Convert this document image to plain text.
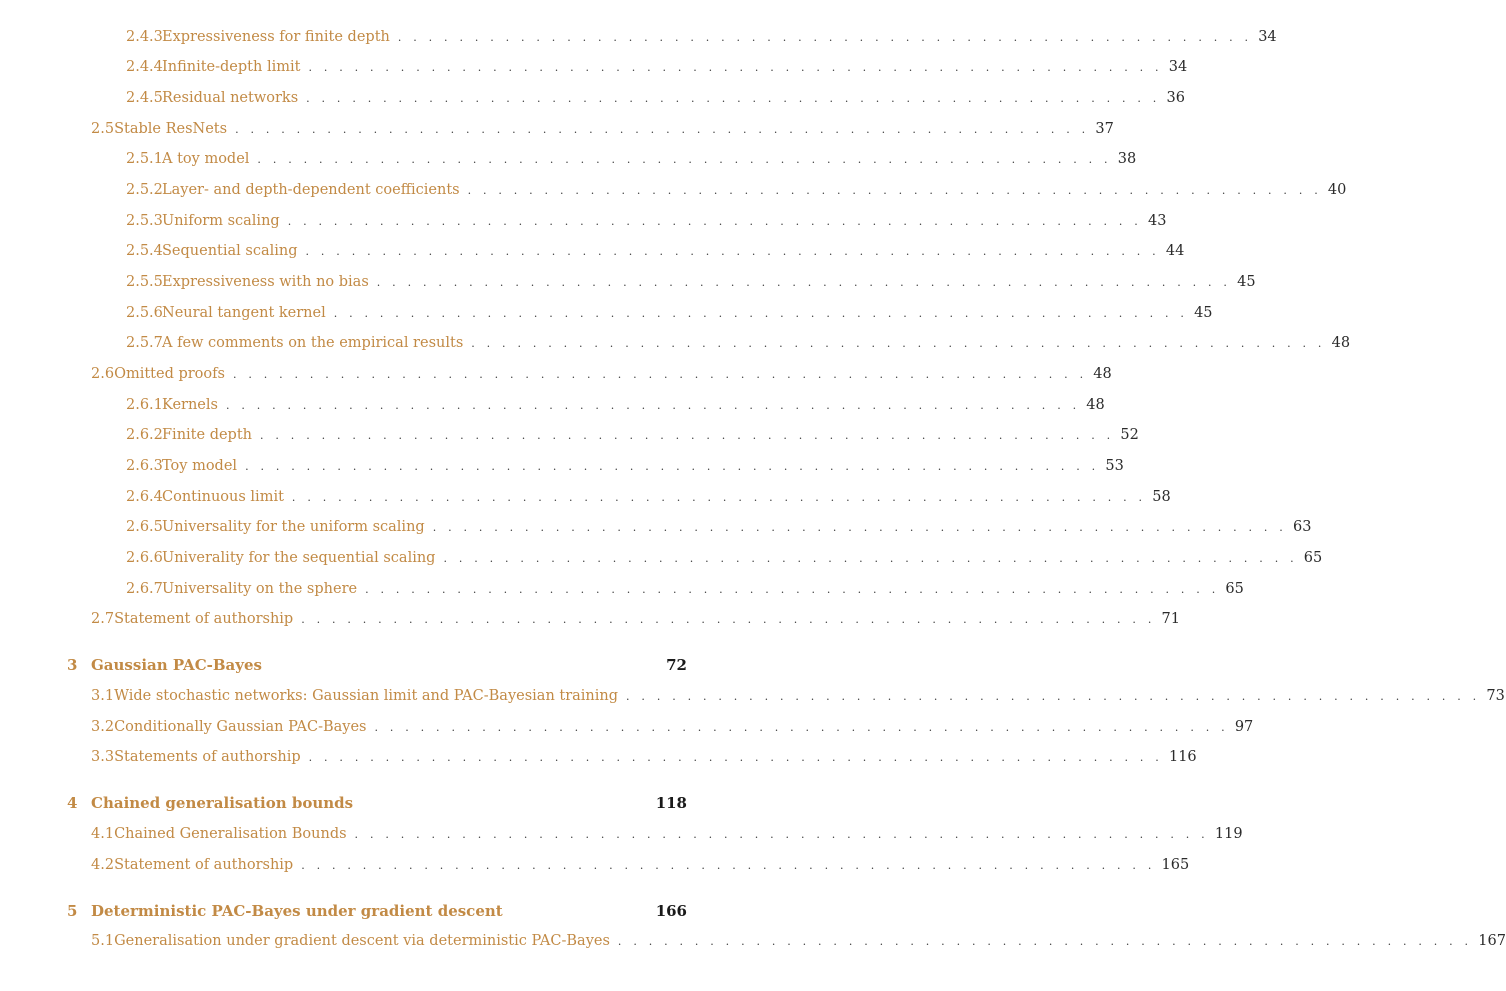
2.4.3 Expressiveness for finite depth . . . . . . . . . . . . . . . . . . . . . . . . . . . . . . . . . . . . . . . . . . . . . . . . . . . . . . . . 34
2.4.4 Infinite-depth limit . . . . . . . . . . . . . . . . . . . . . . . . . . . . . . . . . . . . . . . . . . . . . . . . . . . . . . . . 34
2.4.5 Residual networks . . . . . . . . . . . . . . . . . . . . . . . . . . . . . . . . . . . . . . . . . . . . . . . . . . . . . . . . 36
2.5 Stable ResNets . . . . . . . . . . . . . . . . . . . . . . . . . . . . . . . . . . . . . . . . . . . . . . . . . . . . . . . . 37
2.5.1 A toy model . . . . . . . . . . . . . . . . . . . . . . . . . . . . . . . . . . . . . . . . . . . . . . . . . . . . . . . . 38
2.5.2 Layer- and depth-dependent coefficients . . . . . . . . . . . . . . . . . . . . . . . . . . . . . . . . . . . . . . . . . . . . . . . . . . . . . . . . 40
2.5.3 Uniform scaling . . . . . . . . . . . . . . . . . . . . . . . . . . . . . . . . . . . . . . . . . . . . . . . . . . . . . . . . 43
2.5.4 Sequential scaling . . . . . . . . . . . . . . . . . . . . . . . . . . . . . . . . . . . . . . . . . . . . . . . . . . . . . . . . 44
2.5.5 Expressiveness with no bias . . . . . . . . . . . . . . . . . . . . . . . . . . . . . . . . . . . . . . . . . . . . . . . . . . . . . . . . 45
2.5.6 Neural tangent kernel . . . . . . . . . . . . . . . . . . . . . . . . . . . . . . . . . . . . . . . . . . . . . . . . . . . . . . . . 45
2.5.7 A few comments on the empirical results . . . . . . . . . . . . . . . . . . . . . . . . . . . . . . . . . . . . . . . . . . . . . . . . . . . . . . . . 48
2.6 Omitted proofs . . . . . . . . . . . . . . . . . . . . . . . . . . . . . . . . . . . . . . . . . . . . . . . . . . . . . . . . 48
2.6.1 Kernels . . . . . . . . . . . . . . . . . . . . . . . . . . . . . . . . . . . . . . . . . . . . . . . . . . . . . . . . 48
2.6.2 Finite depth . . . . . . . . . . . . . . . . . . . . . . . . . . . . . . . . . . . . . . . . . . . . . . . . . . . . . . . . 52
2.6.3 Toy model . . . . . . . . . . . . . . . . . . . . . . . . . . . . . . . . . . . . . . . . . . . . . . . . . . . . . . . . 53
2.6.4 Continuous limit . . . . . . . . . . . . . . . . . . . . . . . . . . . . . . . . . . . . . . . . . . . . . . . . . . . . . . . . 58
2.6.5 Universality for the uniform scaling . . . . . . . . . . . . . . . . . . . . . . . . . . . . . . . . . . . . . . . . . . . . . . . . . . . . . . . . 63
2.6.6 Univerality for the sequential scaling . . . . . . . . . . . . . . . . . . . . . . . . . . . . . . . . . . . . . . . . . . . . . . . . . . . . . . . . 65
2.6.7 Universality on the sphere . . . . . . . . . . . . . . . . . . . . . . . . . . . . . . . . . . . . . . . . . . . . . . . . . . . . . . . . 65
2.7 Statement of authorship . . . . . . . . . . . . . . . . . . . . . . . . . . . . . . . . . . . . . . . . . . . . . . . . . . . . . . . . 71
3 Gaussian PAC-Bayes	72
3.1 Wide stochastic networks: Gaussian limit and PAC-Bayesian training . . . . . . . . . . . . . . . . . . . . . . . . . . . . . . . . . . . . . . . . . . . . . . . . . . . . . . . . 73
3.2 Conditionally Gaussian PAC-Bayes . . . . . . . . . . . . . . . . . . . . . . . . . . . . . . . . . . . . . . . . . . . . . . . . . . . . . . . . 97
3.3 Statements of authorship . . . . . . . . . . . . . . . . . . . . . . . . . . . . . . . . . . . . . . . . . . . . . . . . . . . . . . . . 116
4 Chained generalisation bounds	118
4.1 Chained Generalisation Bounds . . . . . . . . . . . . . . . . . . . . . . . . . . . . . . . . . . . . . . . . . . . . . . . . . . . . . . . . 119
4.2 Statement of authorship . . . . . . . . . . . . . . . . . . . . . . . . . . . . . . . . . . . . . . . . . . . . . . . . . . . . . . . . 165
5 Deterministic PAC-Bayes under gradient descent	166
5.1 Generalisation under gradient descent via deterministic PAC-Bayes . . . . . . . . . . . . . . . . . . . . . . . . . . . . . . . . . . . . . . . . . . . . . . . . . . . . . . . . 167
